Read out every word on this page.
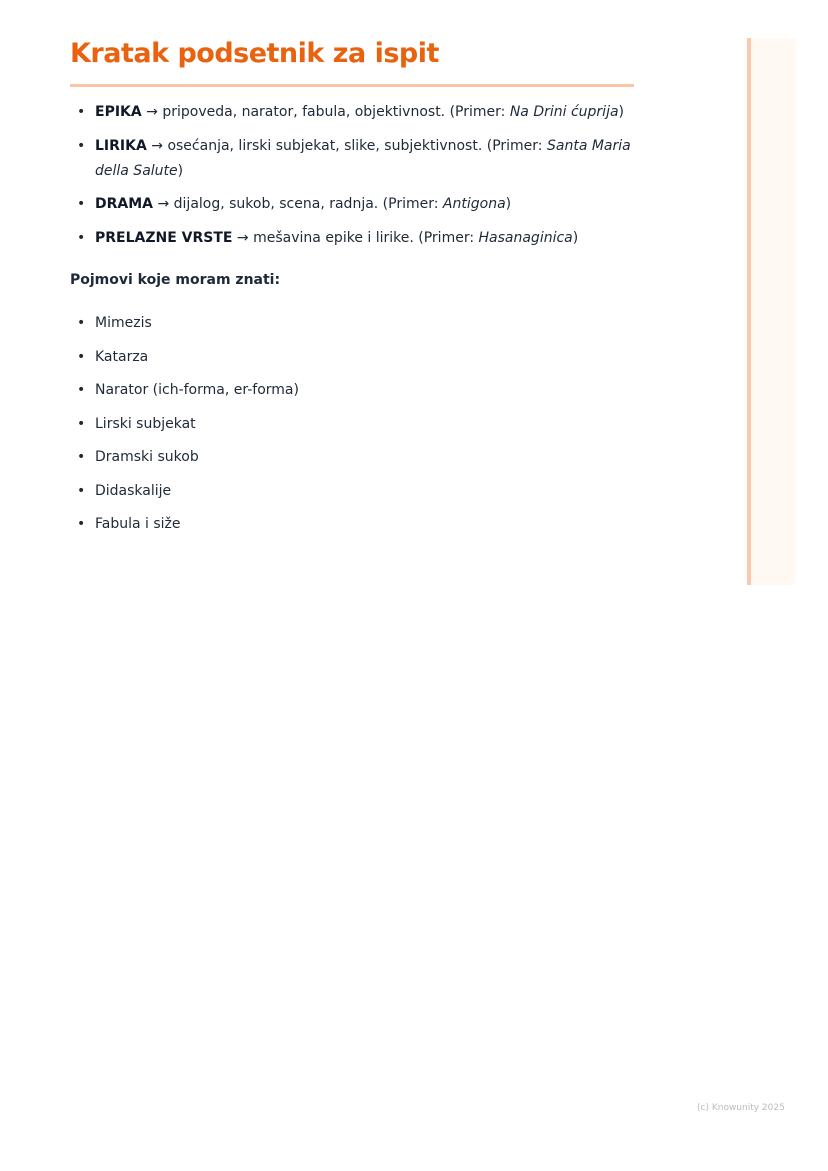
Kratak podsetnik za ispit
• EPIKA → pripoveda, narator, fabula, objektivnost. (Primer: Na Drini ćuprija)
• LIRIKA → osećanja, lirski subjekat, slike, subjektivnost. (Primer: Santa Maria della Salute)
• DRAMA → dijalog, sukob, scena, radnja. (Primer: Antigona)
• PRELAZNE VRSTE → mešavina epike i lirike. (Primer: Hasanaginica)
Pojmovi koje moram znati:
• Mimezis
• Katarza
• Narator (ich-forma, er-forma)
• Lirski subjekat
• Dramski sukob
• Didaskalije
• Fabula i siže
(c) Knowunity 2025
